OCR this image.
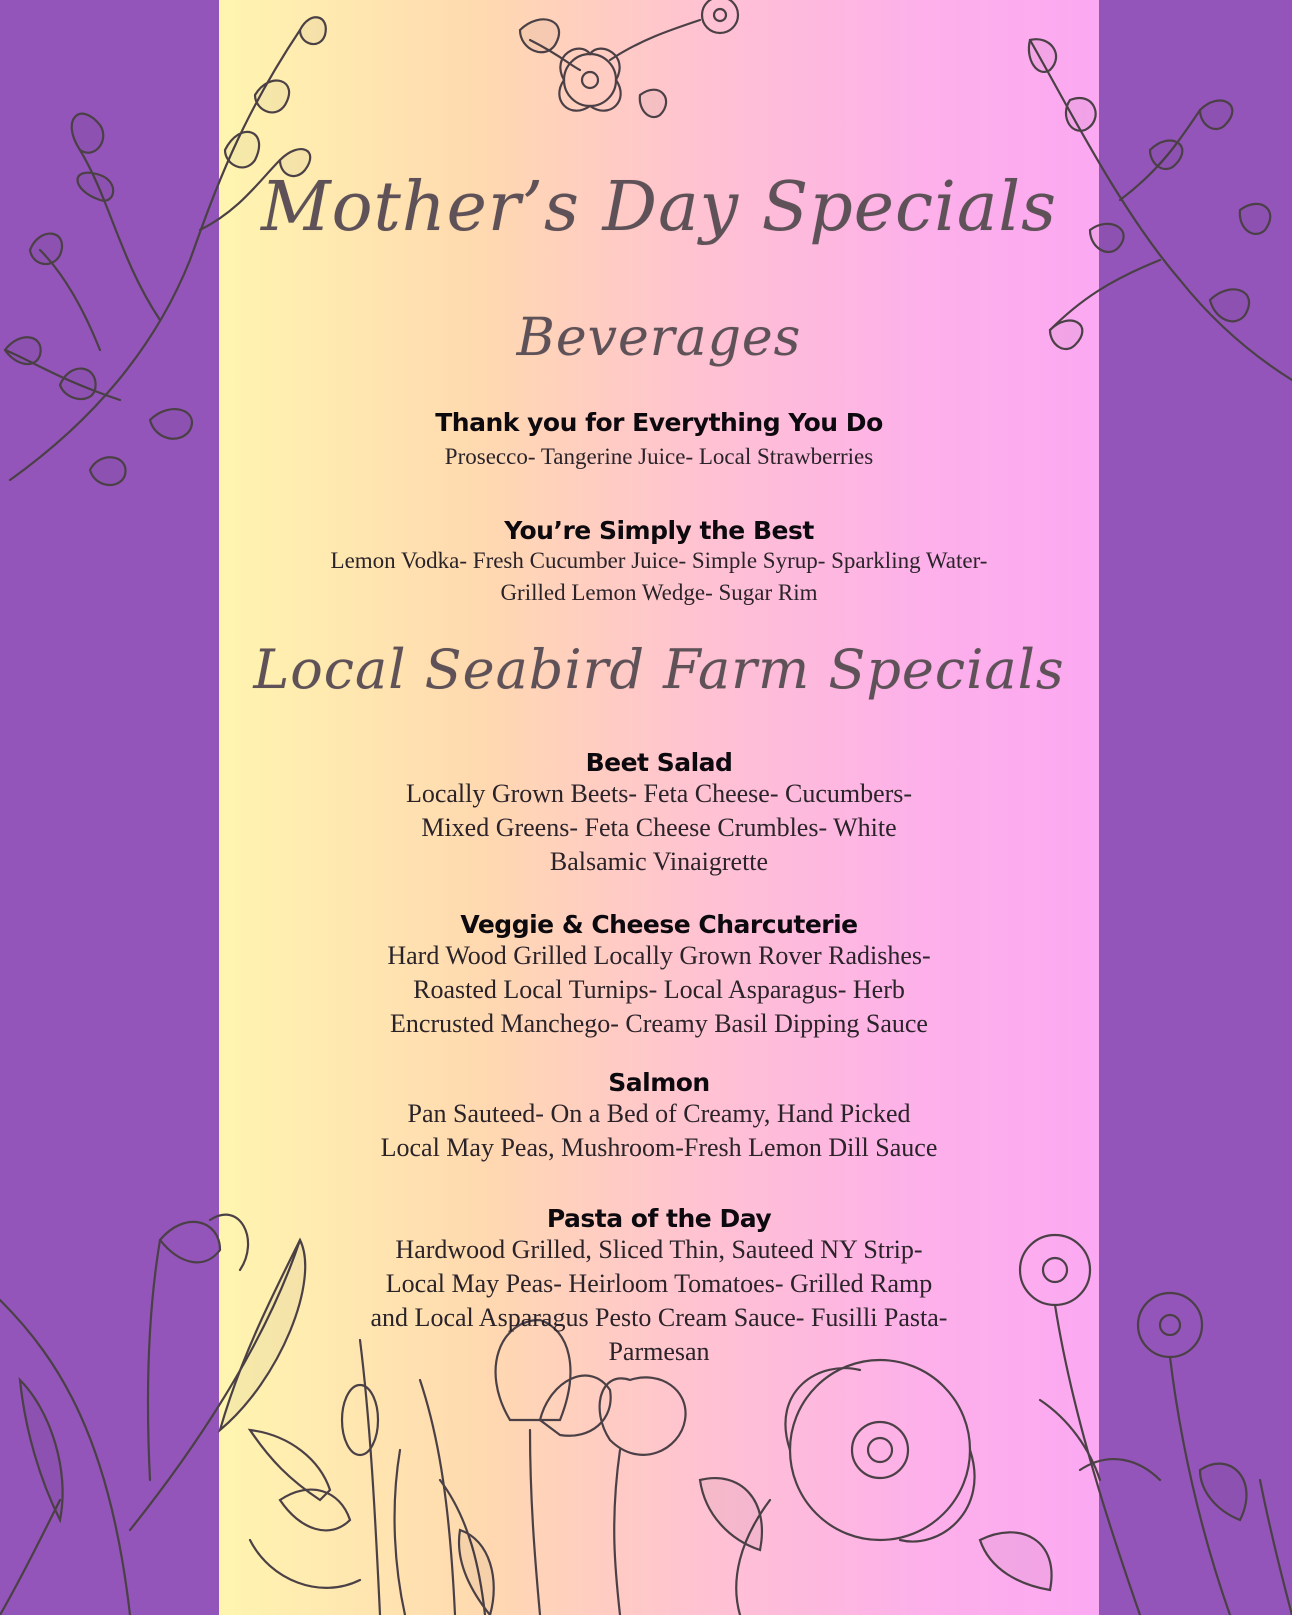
Mother’s Day Specials
Beverages
Thank you for Everything You Do

Prosecco- Tangerine Juice- Local Strawberries

You’re Simply the Best

Lemon Vodka- Fresh Cucumber Juice- Simple Syrup- Sparkling Water-

Grilled Lemon Wedge- Sugar Rim

Local Seabird Farm Specials
Beet Salad

Locally Grown Beets- Feta Cheese- Cucumbers-

Mixed Greens- Feta Cheese Crumbles- White

Balsamic Vinaigrette

Veggie & Cheese Charcuterie

Hard Wood Grilled Locally Grown Rover Radishes-

Roasted Local Turnips- Local Asparagus- Herb

Encrusted Manchego- Creamy Basil Dipping Sauce

Salmon

Pan Sauteed- On a Bed of Creamy, Hand Picked

Local May Peas, Mushroom-Fresh Lemon Dill Sauce

Pasta of the Day

Hardwood Grilled, Sliced Thin, Sauteed NY Strip-

Local May Peas- Heirloom Tomatoes- Grilled Ramp

and Local Asparagus Pesto Cream Sauce- Fusilli Pasta-

Parmesan
